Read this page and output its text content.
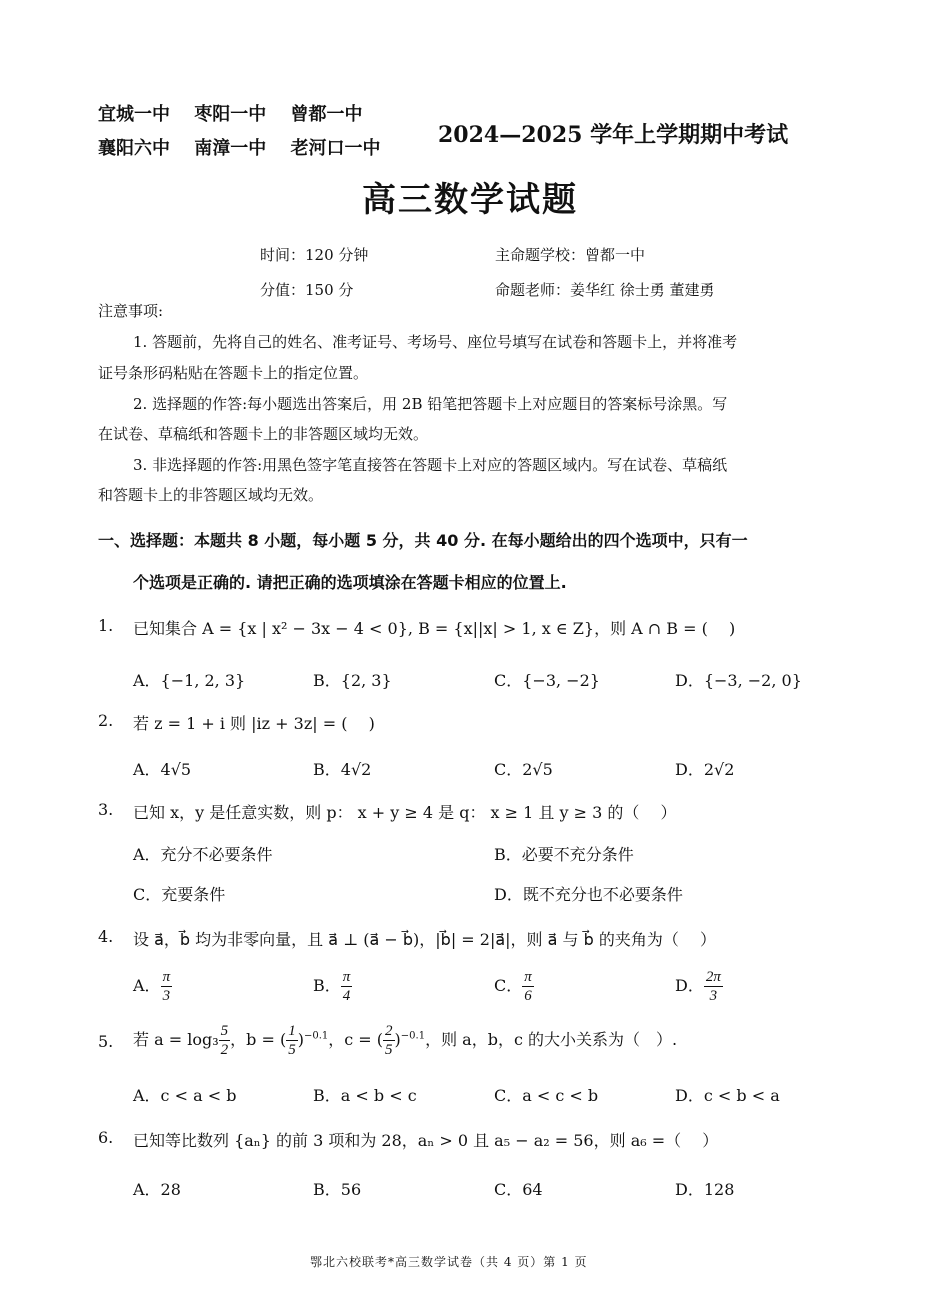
宜城一中　 枣阳一中　 曾都一中
襄阳六中　 南漳一中　 老河口一中
2024—2025 学年上学期期中考试
高三数学试题
时间：120 分钟	主命题学校：曾都一中
分值：150 分	命题老师：姜华红 徐士勇 董建勇
注意事项:
1. 答题前，先将自己的姓名、准考证号、考场号、座位号填写在试卷和答题卡上，并将准考
证号条形码粘贴在答题卡上的指定位置。
2. 选择题的作答:每小题选出答案后，用 2B 铅笔把答题卡上对应题目的答案标号涂黑。写
在试卷、草稿纸和答题卡上的非答题区域均无效。
3. 非选择题的作答:用黑色签字笔直接答在答题卡上对应的答题区域内。写在试卷、草稿纸
和答题卡上的非答题区域均无效。
一、选择题：本题共 8 小题，每小题 5 分，共 40 分. 在每小题给出的四个选项中，只有一
个选项是正确的. 请把正确的选项填涂在答题卡相应的位置上.
1. 已知集合 A = {x | x² − 3x − 4 < 0}, B = {x||x| > 1, x ∈ Z}，则 A ∩ B = (　 )
A．{−1, 2, 3}	B．{2, 3}	C．{−3, −2}	D．{−3, −2, 0}
2. 若 z = 1 + i 则 |iz + 3z| = (　 )
A．4√5	B．4√2	C．2√5	D．2√2
3. 已知 x，y 是任意实数，则 p： x + y ≥ 4 是 q： x ≥ 1 且 y ≥ 3 的（　 ）
A．充分不必要条件	B．必要不充分条件
C．充要条件	D．既不充分也不必要条件
4. 设 a⃗，b⃗ 均为非零向量，且 a⃗ ⊥ (a⃗ − b⃗)，|b⃗| = 2|a⃗|，则 a⃗ 与 b⃗ 的夹角为（　 ）
A． $\frac{\pi}{3}$	B． $\frac{\pi}{4}$	C． $\frac{\pi}{6}$	D． $\frac{2\pi}{3}$
5. 若 $a = \log_3 \frac{5}{2}$ ，b = ( $\frac{1}{5} )^{-0.1}$，c = ( $\frac{2}{5} )^{-0.1}$，则 a，b，c 的大小关系为（　）.
A．c < a < b	B．a < b < c	C．a < c < b	D．c < b < a
6. 已知等比数列 {aₙ} 的前 3 项和为 28，aₙ > 0 且 a₅ − a₂ = 56，则 a₆ =（　 ）
A．28	B．56	C．64	D．128
鄂北六校联考*高三数学试卷（共 4 页）第 1 页
